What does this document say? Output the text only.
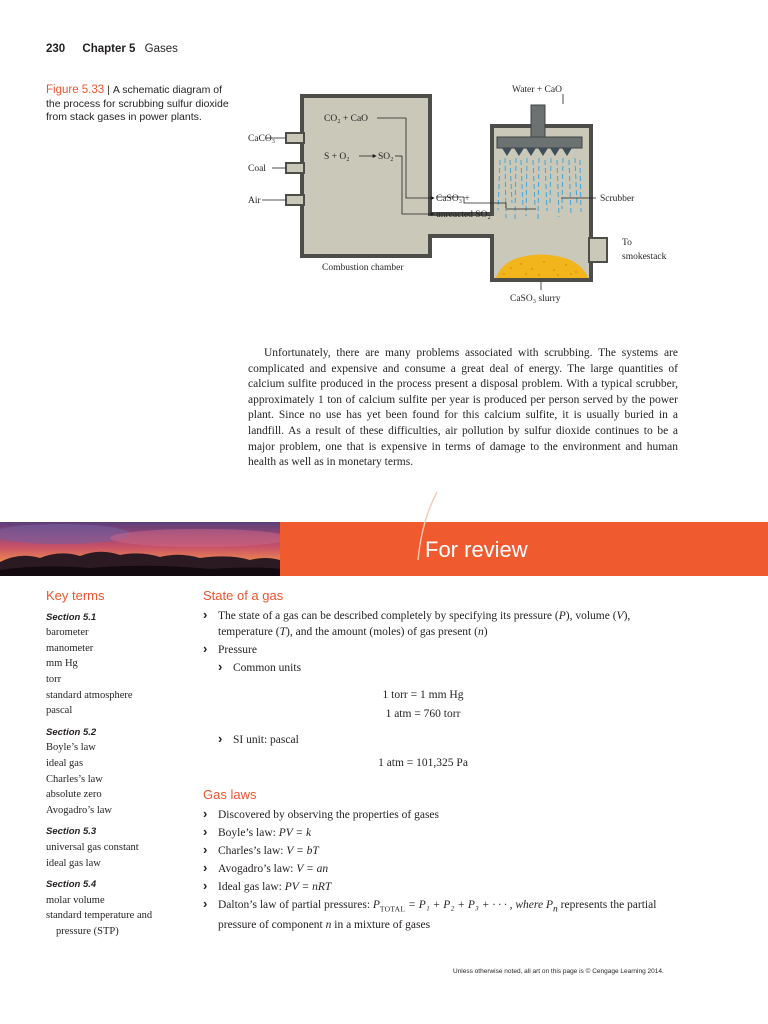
230 Chapter 5 Gases
Figure 5.33 | A schematic diagram of the process for scrubbing sulfur dioxide from stack gases in power plants.
Water + CaO
CaCO₃
Coal
Air
CO₂ + CaO
S + O₂	SO₂
CaSO₃ +
unreacted SO₂
Scrubber
To
smokestack
Combustion chamber
CaSO₃ slurry

Unfortunately, there are many problems associated with scrubbing. The systems are complicated and expensive and consume a great deal of energy. The large quantities of calcium sulfite produced in the process present a disposal problem. With a typical scrubber, approximately 1 ton of calcium sulfite per year is produced per person served by the power plant. Since no use has yet been found for this calcium sulfite, it is usually buried in a landfill. As a result of these difficulties, air pollution by sulfur dioxide continues to be a major problem, one that is expensive in terms of damage to the environment and human health as well as in monetary terms.

For review
Key terms
Section 5.1
barometer
manometer
mm Hg
torr
standard atmosphere
pascal
Section 5.2
Boyle’s law
ideal gas
Charles’s law
absolute zero
Avogadro’s law
Section 5.3
universal gas constant
ideal gas law
Section 5.4
molar volume
standard temperature and
pressure (STP)
State of a gas
› The state of a gas can be described completely by specifying its pressure (P), volume (V), temperature (T), and the amount (moles) of gas present (n)
› Pressure
› Common units

1 torr = 1 mm Hg

1 atm = 760 torr

› SI unit: pascal

1 atm = 101,325 Pa

Gas laws
› Discovered by observing the properties of gases
› Boyle’s law: PV = k
› Charles’s law: V = bT
› Avogadro’s law: V = an
› Ideal gas law: PV = nRT
› Dalton’s law of partial pressures: $P_{TOTAL} = P_1 + P_2 + P_3$ + · · · , where $P_n$ represents the partial pressure of component n in a mixture of gases
Unless otherwise noted, all art on this page is © Cengage Learning 2014.
